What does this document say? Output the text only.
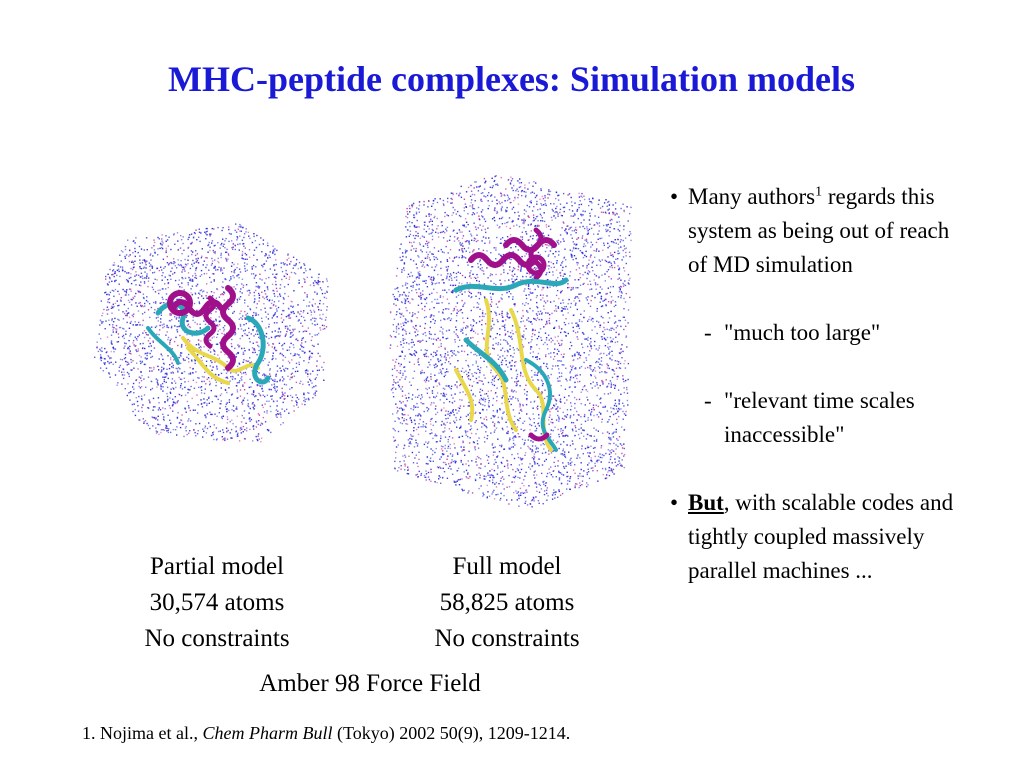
MHC-peptide complexes: Simulation models
Partial model
30,574 atoms
No constraints
Full model
58,825 atoms
No constraints
Amber 98 Force Field
• Many authors$^1$ regards this system as being out of reach of MD simulation
- "much too large"
- "relevant time scales inaccessible"
• But, with scalable codes and tightly coupled massively parallel machines ...
1. Nojima et al., Chem Pharm Bull (Tokyo) 2002 50(9), 1209-1214.
